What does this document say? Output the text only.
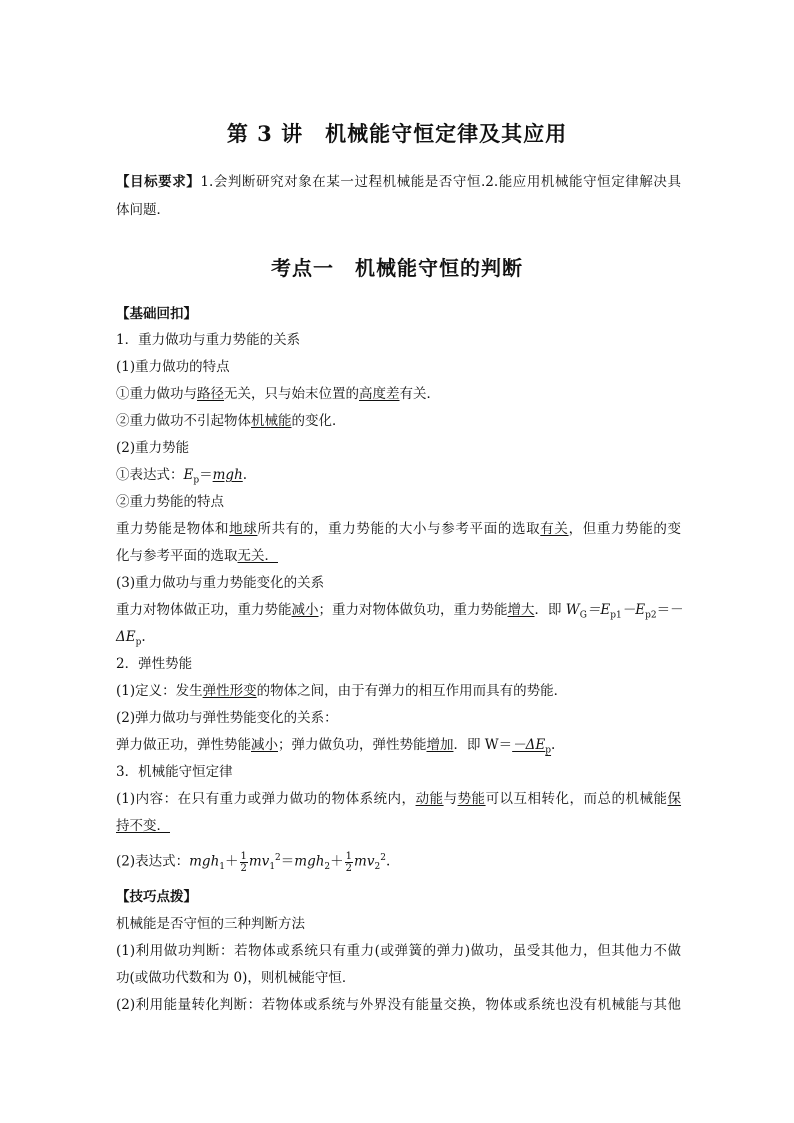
第 3 讲　机械能守恒定律及其应用
【目标要求】1.会判断研究对象在某一过程机械能是否守恒.2.能应用机械能守恒定律解决具
体问题．
考点一　机械能守恒的判断
【基础回扣】
1．重力做功与重力势能的关系
(1)重力做功的特点
①重力做功与路径无关，只与始末位置的高度差有关．
②重力做功不引起物体机械能的变化．
(2)重力势能
①表达式：$E_p=mgh$.
②重力势能的特点
重力势能是物体和地球所共有的，重力势能的大小与参考平面的选取有关，但重力势能的变
化与参考平面的选取无关．
(3)重力做功与重力势能变化的关系
重力对物体做正功，重力势能减小；重力对物体做负功，重力势能增大．即 $W_G=E_{p1}-E_{p2}=-$
$\Delta E_p$.
2．弹性势能
(1)定义：发生弹性形变的物体之间，由于有弹力的相互作用而具有的势能．
(2)弹力做功与弹性势能变化的关系：
弹力做正功，弹性势能减小；弹力做负功，弹性势能增加．即 $W=-\Delta E_p$.
3．机械能守恒定律
(1)内容：在只有重力或弹力做功的物体系统内，动能与势能可以互相转化，而总的机械能保
持不变．
(2)表达式：$mgh_1+ \frac{1}{2} mv_1^2=mgh_2+ \frac{1}{2} mv_2^2$.
【技巧点拨】
机械能是否守恒的三种判断方法
(1)利用做功判断：若物体或系统只有重力(或弹簧的弹力)做功，虽受其他力，但其他力不做
功(或做功代数和为 0)，则机械能守恒．
(2)利用能量转化判断：若物体或系统与外界没有能量交换，物体或系统也没有机械能与其他
